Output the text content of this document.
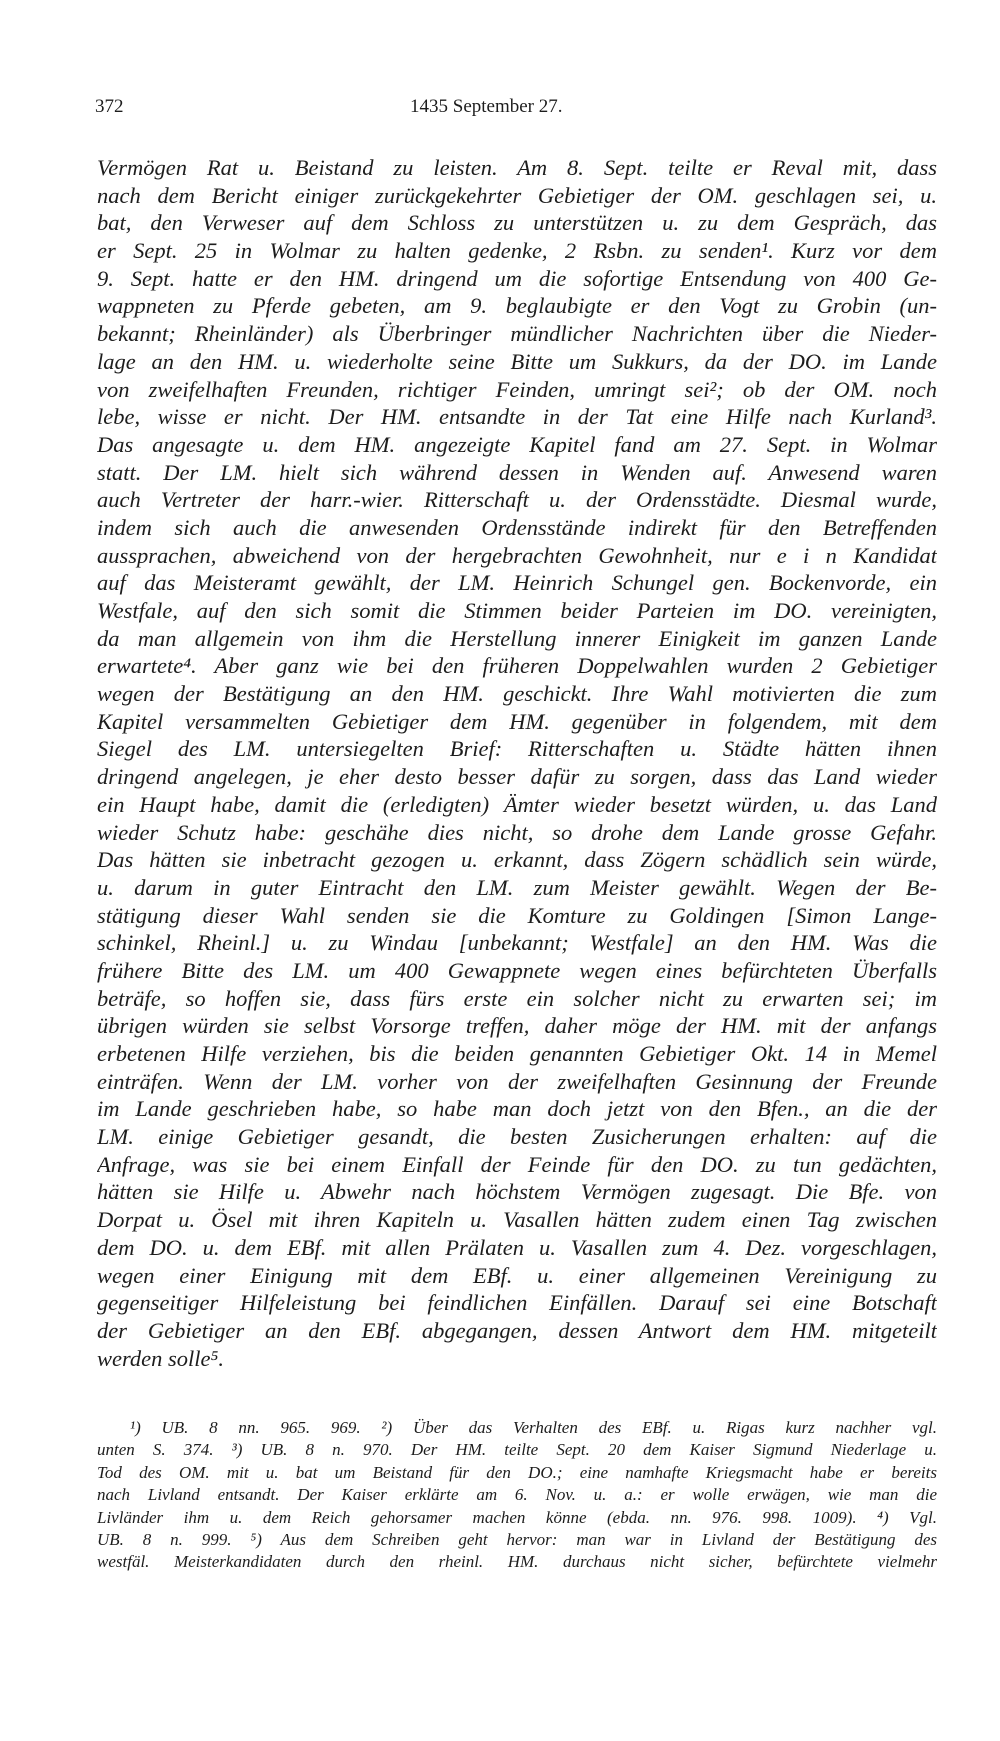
372	1435 September 27.
Vermögen Rat u. Beistand zu leisten. Am 8. Sept. teilte er Reval mit, dass
nach dem Bericht einiger zurückgekehrter Gebietiger der OM. geschlagen sei, u.
bat, den Verweser auf dem Schloss zu unterstützen u. zu dem Gespräch, das
er Sept. 25 in Wolmar zu halten gedenke, 2 Rsbn. zu senden¹. Kurz vor dem
9. Sept. hatte er den HM. dringend um die sofortige Entsendung von 400 Ge-
wappneten zu Pferde gebeten, am 9. beglaubigte er den Vogt zu Grobin (un-
bekannt; Rheinländer) als Überbringer mündlicher Nachrichten über die Nieder-
lage an den HM. u. wiederholte seine Bitte um Sukkurs, da der DO. im Lande
von zweifelhaften Freunden, richtiger Feinden, umringt sei²; ob der OM. noch
lebe, wisse er nicht. Der HM. entsandte in der Tat eine Hilfe nach Kurland³.
Das angesagte u. dem HM. angezeigte Kapitel fand am 27. Sept. in Wolmar
statt. Der LM. hielt sich während dessen in Wenden auf. Anwesend waren
auch Vertreter der harr.-wier. Ritterschaft u. der Ordensstädte. Diesmal wurde,
indem sich auch die anwesenden Ordensstände indirekt für den Betreffenden
aussprachen, abweichend von der hergebrachten Gewohnheit, nur e i n Kandidat
auf das Meisteramt gewählt, der LM. Heinrich Schungel gen. Bockenvorde, ein
Westfale, auf den sich somit die Stimmen beider Parteien im DO. vereinigten,
da man allgemein von ihm die Herstellung innerer Einigkeit im ganzen Lande
erwartete⁴. Aber ganz wie bei den früheren Doppelwahlen wurden 2 Gebietiger
wegen der Bestätigung an den HM. geschickt. Ihre Wahl motivierten die zum
Kapitel versammelten Gebietiger dem HM. gegenüber in folgendem, mit dem
Siegel des LM. untersiegelten Brief: Ritterschaften u. Städte hätten ihnen
dringend angelegen, je eher desto besser dafür zu sorgen, dass das Land wieder
ein Haupt habe, damit die (erledigten) Ämter wieder besetzt würden, u. das Land
wieder Schutz habe: geschähe dies nicht, so drohe dem Lande grosse Gefahr.
Das hätten sie inbetracht gezogen u. erkannt, dass Zögern schädlich sein würde,
u. darum in guter Eintracht den LM. zum Meister gewählt. Wegen der Be-
stätigung dieser Wahl senden sie die Komture zu Goldingen [Simon Lange-
schinkel, Rheinl.] u. zu Windau [unbekannt; Westfale] an den HM. Was die
frühere Bitte des LM. um 400 Gewappnete wegen eines befürchteten Überfalls
beträfe, so hoffen sie, dass fürs erste ein solcher nicht zu erwarten sei; im
übrigen würden sie selbst Vorsorge treffen, daher möge der HM. mit der anfangs
erbetenen Hilfe verziehen, bis die beiden genannten Gebietiger Okt. 14 in Memel
einträfen. Wenn der LM. vorher von der zweifelhaften Gesinnung der Freunde
im Lande geschrieben habe, so habe man doch jetzt von den Bfen., an die der
LM. einige Gebietiger gesandt, die besten Zusicherungen erhalten: auf die
Anfrage, was sie bei einem Einfall der Feinde für den DO. zu tun gedächten,
hätten sie Hilfe u. Abwehr nach höchstem Vermögen zugesagt. Die Bfe. von
Dorpat u. Ösel mit ihren Kapiteln u. Vasallen hätten zudem einen Tag zwischen
dem DO. u. dem EBf. mit allen Prälaten u. Vasallen zum 4. Dez. vorgeschlagen,
wegen einer Einigung mit dem EBf. u. einer allgemeinen Vereinigung zu
gegenseitiger Hilfeleistung bei feindlichen Einfällen. Darauf sei eine Botschaft
der Gebietiger an den EBf. abgegangen, dessen Antwort dem HM. mitgeteilt
werden solle⁵.
¹) UB. 8 nn. 965. 969. ²) Über das Verhalten des EBf. u. Rigas kurz nachher vgl.
unten S. 374. ³) UB. 8 n. 970. Der HM. teilte Sept. 20 dem Kaiser Sigmund Niederlage u.
Tod des OM. mit u. bat um Beistand für den DO.; eine namhafte Kriegsmacht habe er bereits
nach Livland entsandt. Der Kaiser erklärte am 6. Nov. u. a.: er wolle erwägen, wie man die
Livländer ihm u. dem Reich gehorsamer machen könne (ebda. nn. 976. 998. 1009). ⁴) Vgl.
UB. 8 n. 999. ⁵) Aus dem Schreiben geht hervor: man war in Livland der Bestätigung des
westfäl. Meisterkandidaten durch den rheinl. HM. durchaus nicht sicher, befürchtete vielmehr
